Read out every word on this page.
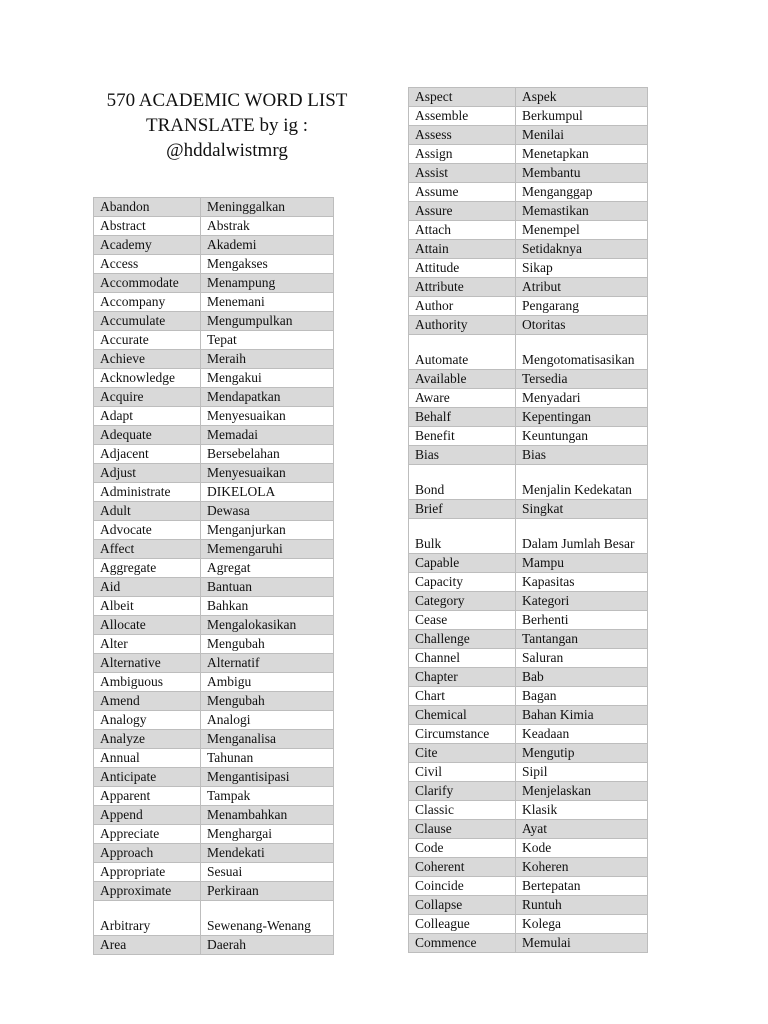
570 ACADEMIC WORD LIST
TRANSLATE by ig :
@hddalwistmrg
Abandon	Meninggalkan
Abstract	Abstrak
Academy	Akademi
Access	Mengakses
Accommodate	Menampung
Accompany	Menemani
Accumulate	Mengumpulkan
Accurate	Tepat
Achieve	Meraih
Acknowledge	Mengakui
Acquire	Mendapatkan
Adapt	Menyesuaikan
Adequate	Memadai
Adjacent	Bersebelahan
Adjust	Menyesuaikan
Administrate	DIKELOLA
Adult	Dewasa
Advocate	Menganjurkan
Affect	Memengaruhi
Aggregate	Agregat
Aid	Bantuan
Albeit	Bahkan
Allocate	Mengalokasikan
Alter	Mengubah
Alternative	Alternatif
Ambiguous	Ambigu
Amend	Mengubah
Analogy	Analogi
Analyze	Menganalisa
Annual	Tahunan
Anticipate	Mengantisipasi
Apparent	Tampak
Append	Menambahkan
Appreciate	Menghargai
Approach	Mendekati
Appropriate	Sesuai
Approximate	Perkiraan
Arbitrary	Sewenang-Wenang
Area	Daerah
Aspect	Aspek
Assemble	Berkumpul
Assess	Menilai
Assign	Menetapkan
Assist	Membantu
Assume	Menganggap
Assure	Memastikan
Attach	Menempel
Attain	Setidaknya
Attitude	Sikap
Attribute	Atribut
Author	Pengarang
Authority	Otoritas
Automate	Mengotomatisasikan
Available	Tersedia
Aware	Menyadari
Behalf	Kepentingan
Benefit	Keuntungan
Bias	Bias
Bond	Menjalin Kedekatan
Brief	Singkat
Bulk	Dalam Jumlah Besar
Capable	Mampu
Capacity	Kapasitas
Category	Kategori
Cease	Berhenti
Challenge	Tantangan
Channel	Saluran
Chapter	Bab
Chart	Bagan
Chemical	Bahan Kimia
Circumstance	Keadaan
Cite	Mengutip
Civil	Sipil
Clarify	Menjelaskan
Classic	Klasik
Clause	Ayat
Code	Kode
Coherent	Koheren
Coincide	Bertepatan
Collapse	Runtuh
Colleague	Kolega
Commence	Memulai
